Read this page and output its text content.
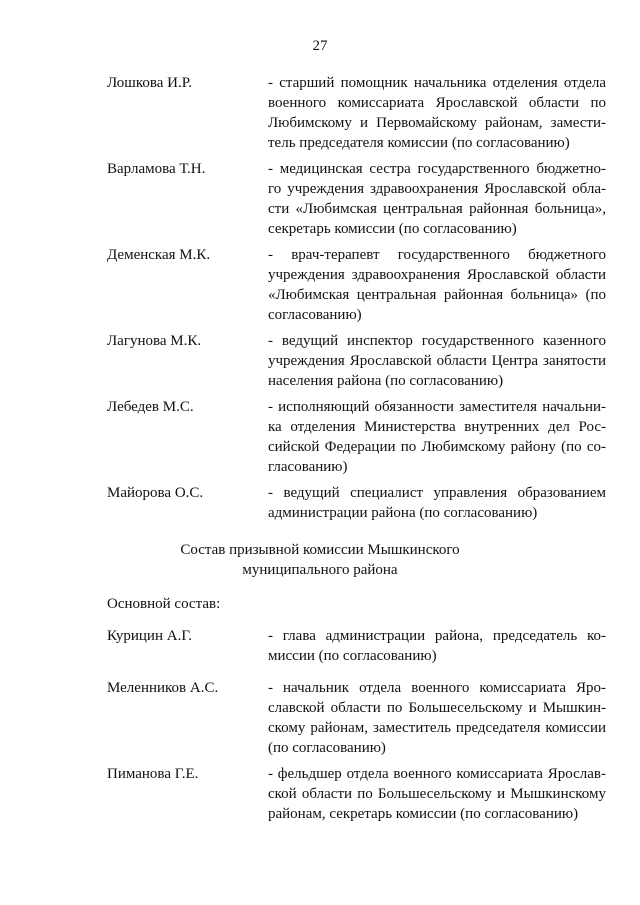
27
Лошкова И.Р.	- старший помощник начальника отделения отдела
военного комиссариата Ярославской области по
Любимскому и Первомайскому районам, замести-
тель председателя комиссии (по согласованию)
Варламова Т.Н.	- медицинская сестра государственного бюджетно-
го учреждения здравоохранения Ярославской обла-
сти «Любимская центральная районная больница»,
секретарь комиссии (по согласованию)
Деменская М.К.	- врач-терапевт государственного бюджетного
учреждения здравоохранения Ярославской области
«Любимская центральная районная больница» (по
согласованию)
Лагунова М.К.	- ведущий инспектор государственного казенного
учреждения Ярославской области Центра занятости
населения района (по согласованию)
Лебедев М.С.	- исполняющий обязанности заместителя начальни-
ка отделения Министерства внутренних дел Рос-
сийской Федерации по Любимскому району (по со-
гласованию)
Майорова О.С.	- ведущий специалист управления образованием
администрации района (по согласованию)
Состав призывной комиссии Мышкинского
муниципального района
Основной состав:
Курицин А.Г.	- глава администрации района, председатель ко-
миссии (по согласованию)
Меленников А.С.	- начальник отдела военного комиссариата Яро-
славской области по Большесельскому и Мышкин-
скому районам, заместитель председателя комиссии
(по согласованию)
Пиманова Г.Е.	- фельдшер отдела военного комиссариата Ярослав-
ской области по Большесельскому и Мышкинскому
районам, секретарь комиссии (по согласованию)
